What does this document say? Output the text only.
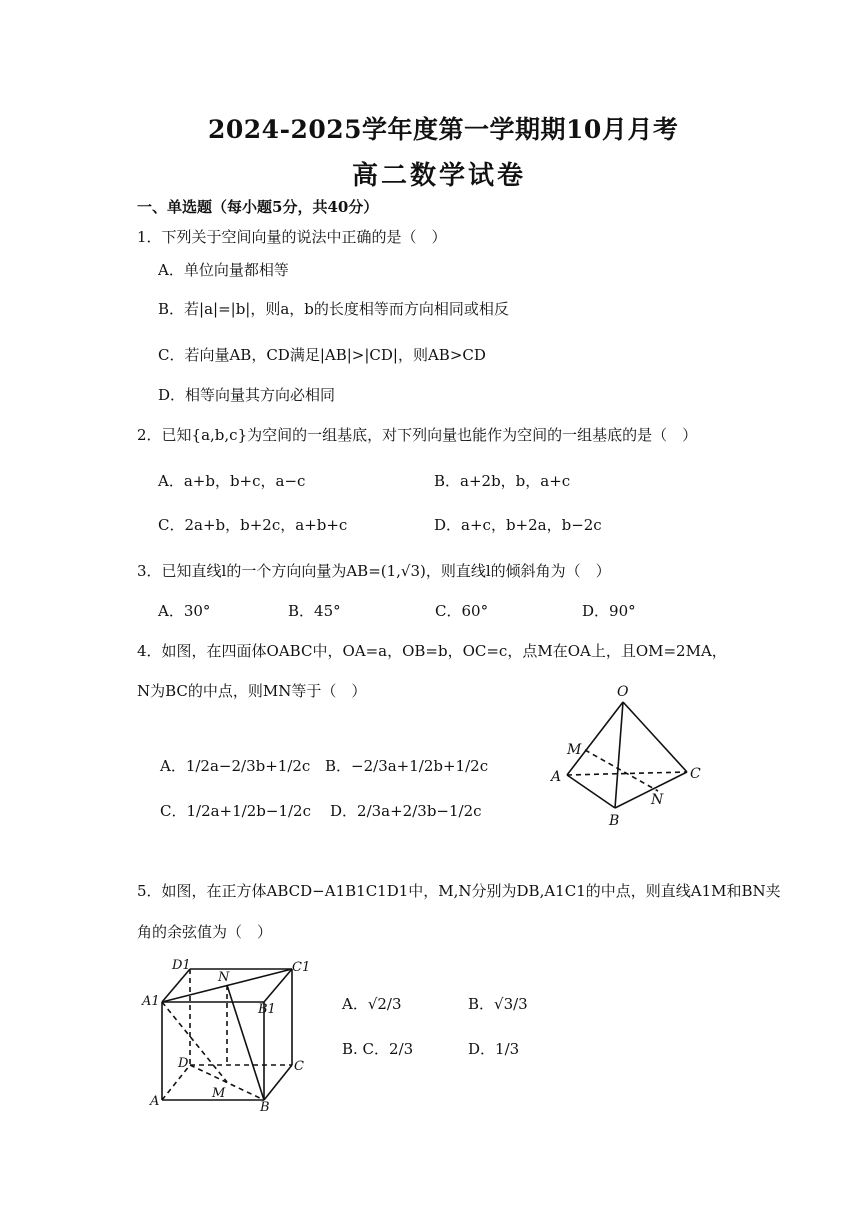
2024-2025学年度第一学期期10月月考
高二数学试卷
一、单选题（每小题5分，共40分）
1．下列关于空间向量的说法中正确的是（　）
A．单位向量都相等
B．若|a|=|b|，则a，b的长度相等而方向相同或相反
C．若向量AB，CD满足|AB|>|CD|，则AB>CD
D．相等向量其方向必相同
2．已知{a,b,c}为空间的一组基底，对下列向量也能作为空间的一组基底的是（　）
A．a+b，b+c，a−c	B．a+2b，b，a+c
C．2a+b，b+2c，a+b+c	D．a+c，b+2a，b−2c
3．已知直线l的一个方向向量为AB=(1,√3)，则直线l的倾斜角为（　）
A．30°	B．45°	C．60°	D．90°
4．如图，在四面体OABC中，OA=a，OB=b，OC=c，点M在OA上，且OM=2MA，
N为BC的中点，则MN等于（　）
A．1/2a−2/3b+1/2c B．−2/3a+1/2b+1/2c
C．1/2a+1/2b−1/2c D．2/3a+2/3b−1/2c
O
M
A	C
N
B
5．如图，在正方体ABCD−A1B1C1D1中，M,N分别为DB,A1C1的中点，则直线A1M和BN夹
角的余弦值为（　）
D1
N
C1
A1
B1
D	C
M
A	B
A．√2/3	B．√3/3
B. C．2/3	D．1/3
